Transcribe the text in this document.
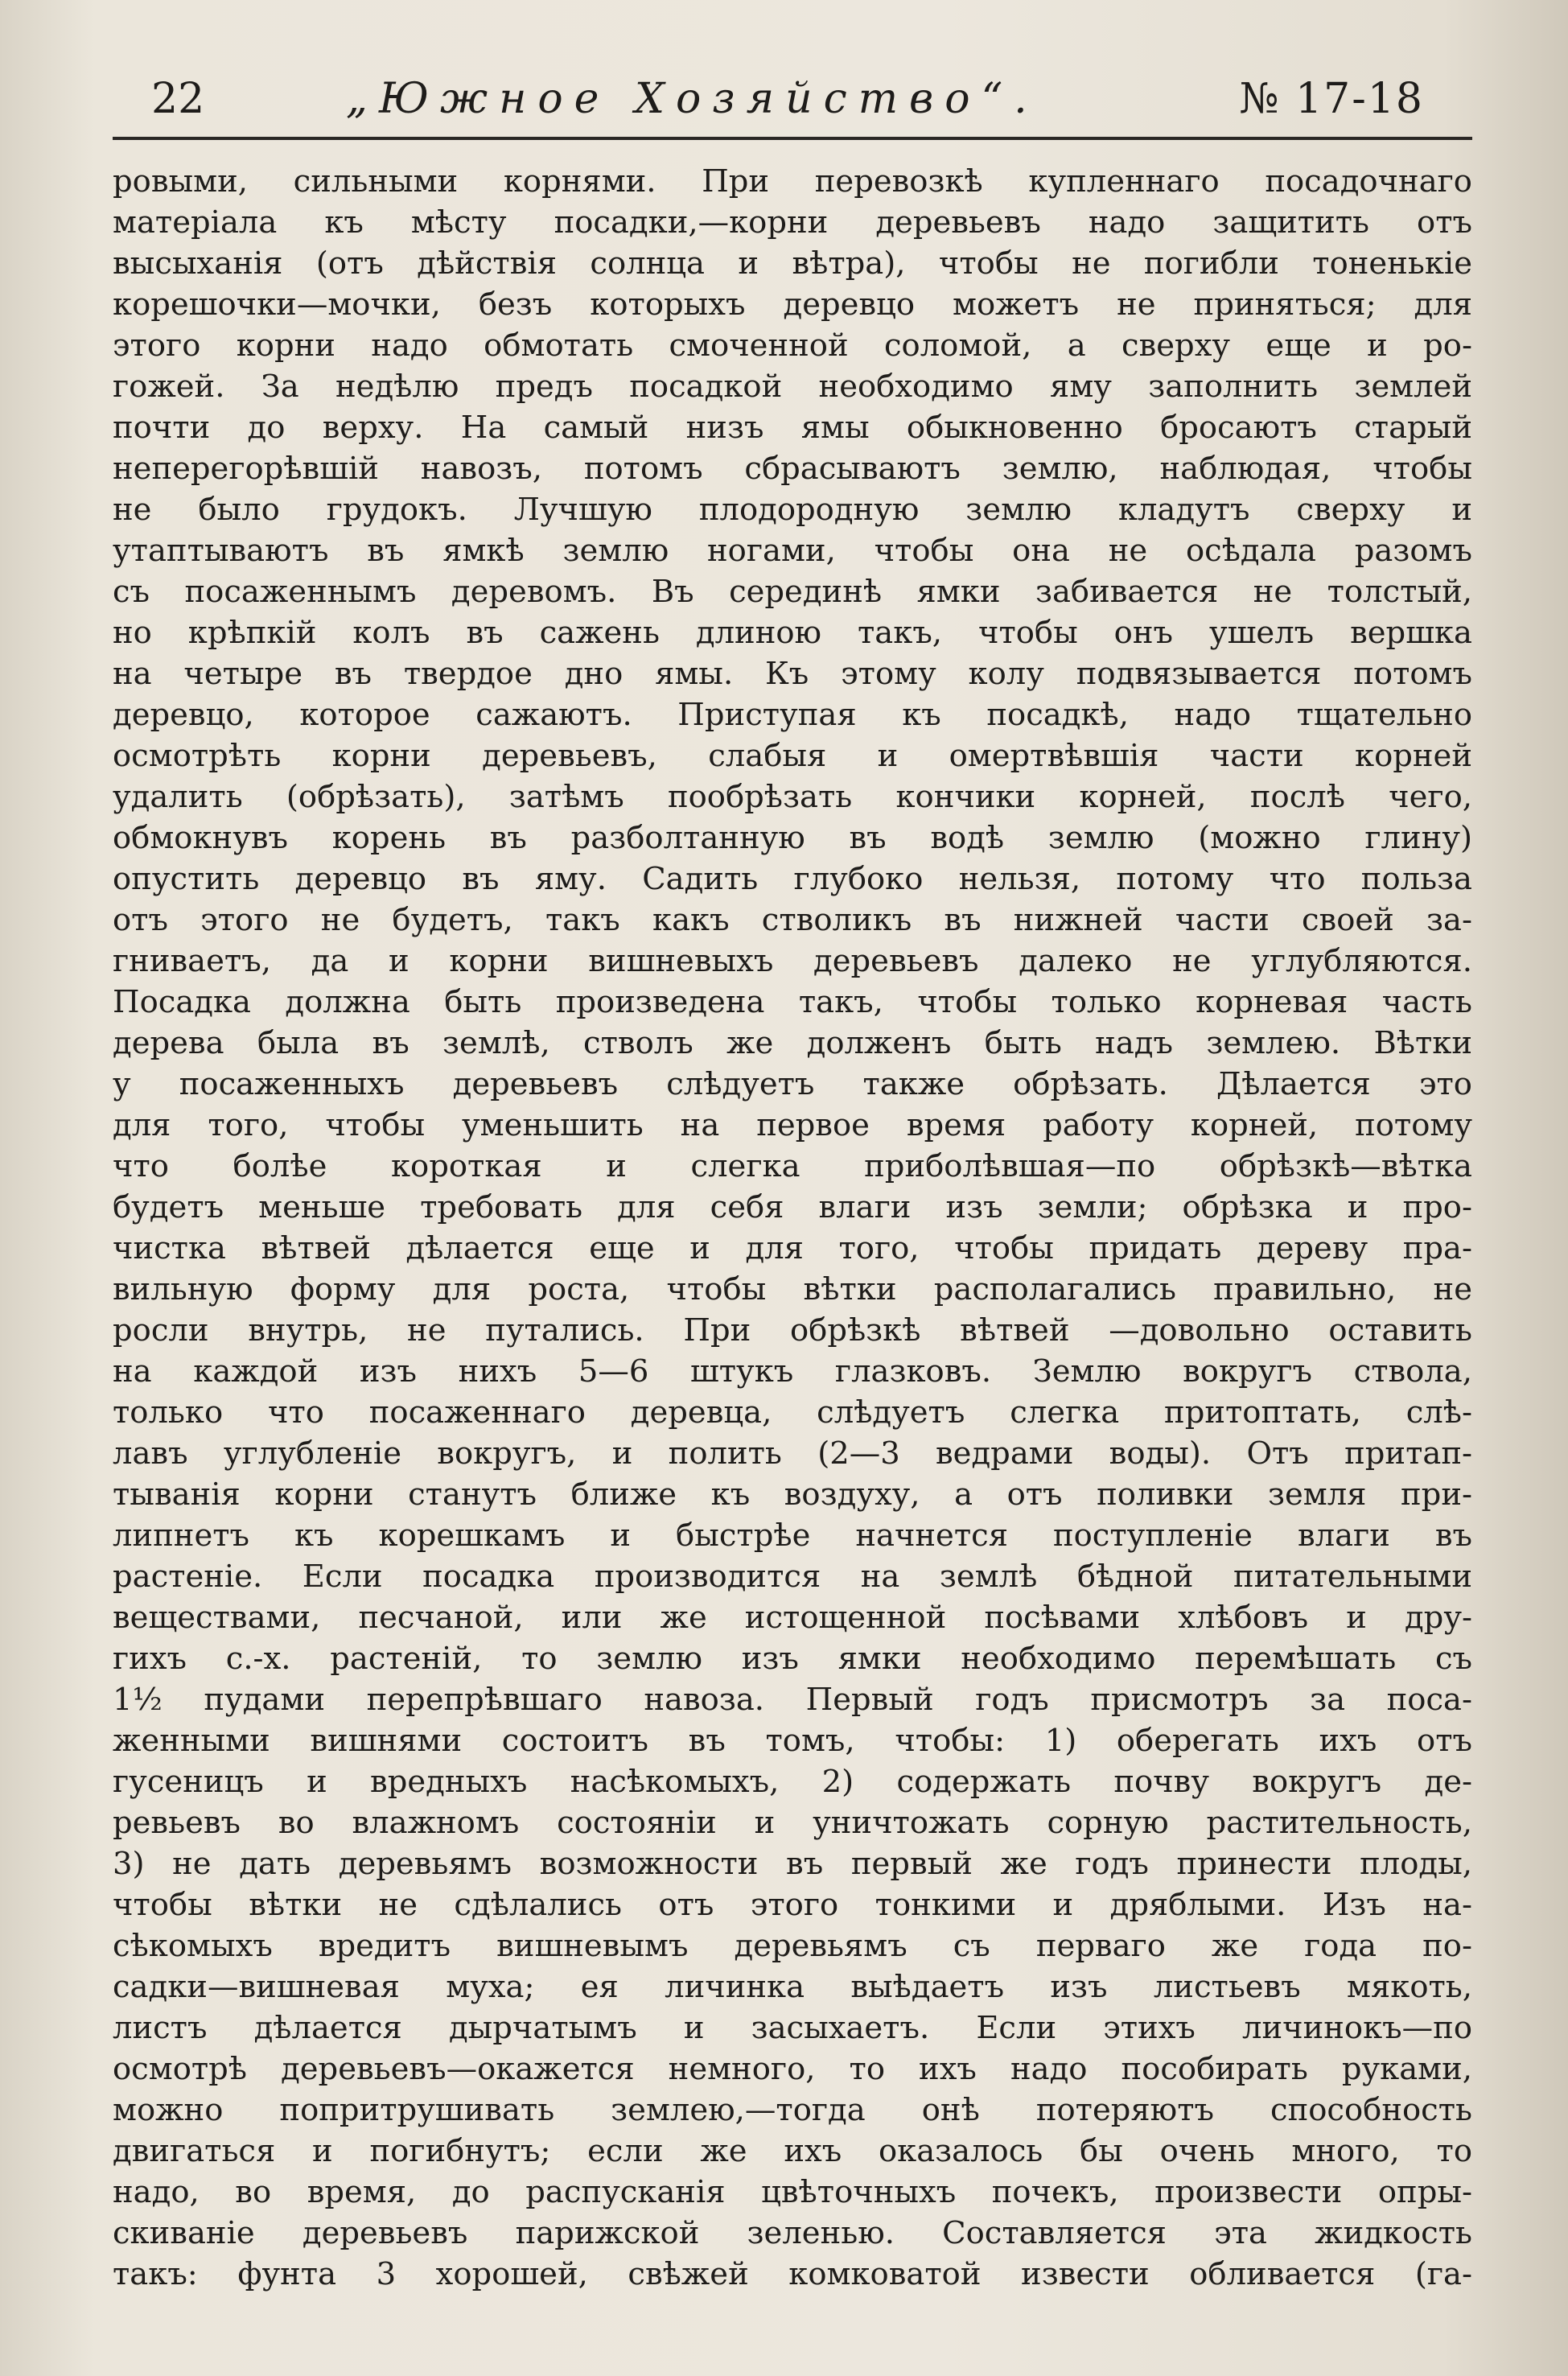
22	„Южное Хозяйство“.	№ 17-18
ровыми, сильными корнями. При перевозкѣ купленнаго посадочнаго
матеріала къ мѣсту посадки,—корни деревьевъ надо защитить отъ
высыханія (отъ дѣйствія солнца и вѣтра), чтобы не погибли тоненькіе
корешочки—мочки, безъ которыхъ деревцо можетъ не приняться; для
этого корни надо обмотать смоченной соломой, а сверху еще и ро-
гожей. За недѣлю предъ посадкой необходимо яму заполнить землей
почти до верху. На самый низъ ямы обыкновенно бросаютъ старый
неперегорѣвшій навозъ, потомъ сбрасываютъ землю, наблюдая, чтобы
не было грудокъ. Лучшую плодородную землю кладутъ сверху и
утаптываютъ въ ямкѣ землю ногами, чтобы она не осѣдала разомъ
съ посаженнымъ деревомъ. Въ серединѣ ямки забивается не толстый,
но крѣпкій колъ въ сажень длиною такъ, чтобы онъ ушелъ вершка
на четыре въ твердое дно ямы. Къ этому колу подвязывается потомъ
деревцо, которое сажаютъ. Приступая къ посадкѣ, надо тщательно
осмотрѣть корни деревьевъ, слабыя и омертвѣвшія части корней
удалить (обрѣзать), затѣмъ пообрѣзать кончики корней, послѣ чего,
обмокнувъ корень въ разболтанную въ водѣ землю (можно глину)
опустить деревцо въ яму. Садить глубоко нельзя, потому что польза
отъ этого не будетъ, такъ какъ стволикъ въ нижней части своей за-
гниваетъ, да и корни вишневыхъ деревьевъ далеко не углубляются.
Посадка должна быть произведена такъ, чтобы только корневая часть
дерева была въ землѣ, стволъ же долженъ быть надъ землею. Вѣтки
у посаженныхъ деревьевъ слѣдуетъ также обрѣзать. Дѣлается это
для того, чтобы уменьшить на первое время работу корней, потому
что болѣе короткая и слегка приболѣвшая—по обрѣзкѣ—вѣтка
будетъ меньше требовать для себя влаги изъ земли; обрѣзка и про-
чистка вѣтвей дѣлается еще и для того, чтобы придать дереву пра-
вильную форму для роста, чтобы вѣтки располагались правильно, не
росли внутрь, не путались. При обрѣзкѣ вѣтвей —довольно оставить
на каждой изъ нихъ 5—6 штукъ глазковъ. Землю вокругъ ствола,
только что посаженнаго деревца, слѣдуетъ слегка притоптать, слѣ-
лавъ углубленіе вокругъ, и полить (2—3 ведрами воды). Отъ притап-
тыванія корни станутъ ближе къ воздуху, а отъ поливки земля при-
липнетъ къ корешкамъ и быстрѣе начнется поступленіе влаги въ
растеніе. Если посадка производится на землѣ бѣдной питательными
веществами, песчаной, или же истощенной посѣвами хлѣбовъ и дру-
гихъ с.-х. растеній, то землю изъ ямки необходимо перемѣшать съ
1½ пудами перепрѣвшаго навоза. Первый годъ присмотръ за поса-
женными вишнями состоитъ въ томъ, чтобы: 1) оберегать ихъ отъ
гусеницъ и вредныхъ насѣкомыхъ, 2) содержать почву вокругъ де-
ревьевъ во влажномъ состояніи и уничтожать сорную растительность,
3) не дать деревьямъ возможности въ первый же годъ принести плоды,
чтобы вѣтки не сдѣлались отъ этого тонкими и дряблыми. Изъ на-
сѣкомыхъ вредитъ вишневымъ деревьямъ съ перваго же года по-
садки—вишневая муха; ея личинка выѣдаетъ изъ листьевъ мякоть,
листъ дѣлается дырчатымъ и засыхаетъ. Если этихъ личинокъ—по
осмотрѣ деревьевъ—окажется немного, то ихъ надо пособирать руками,
можно попритрушивать землею,—тогда онѣ потеряютъ способность
двигаться и погибнутъ; если же ихъ оказалось бы очень много, то
надо, во время, до распусканія цвѣточныхъ почекъ, произвести опры-
скиваніе деревьевъ парижской зеленью. Составляется эта жидкость
такъ: фунта 3 хорошей, свѣжей комковатой извести обливается (га-
